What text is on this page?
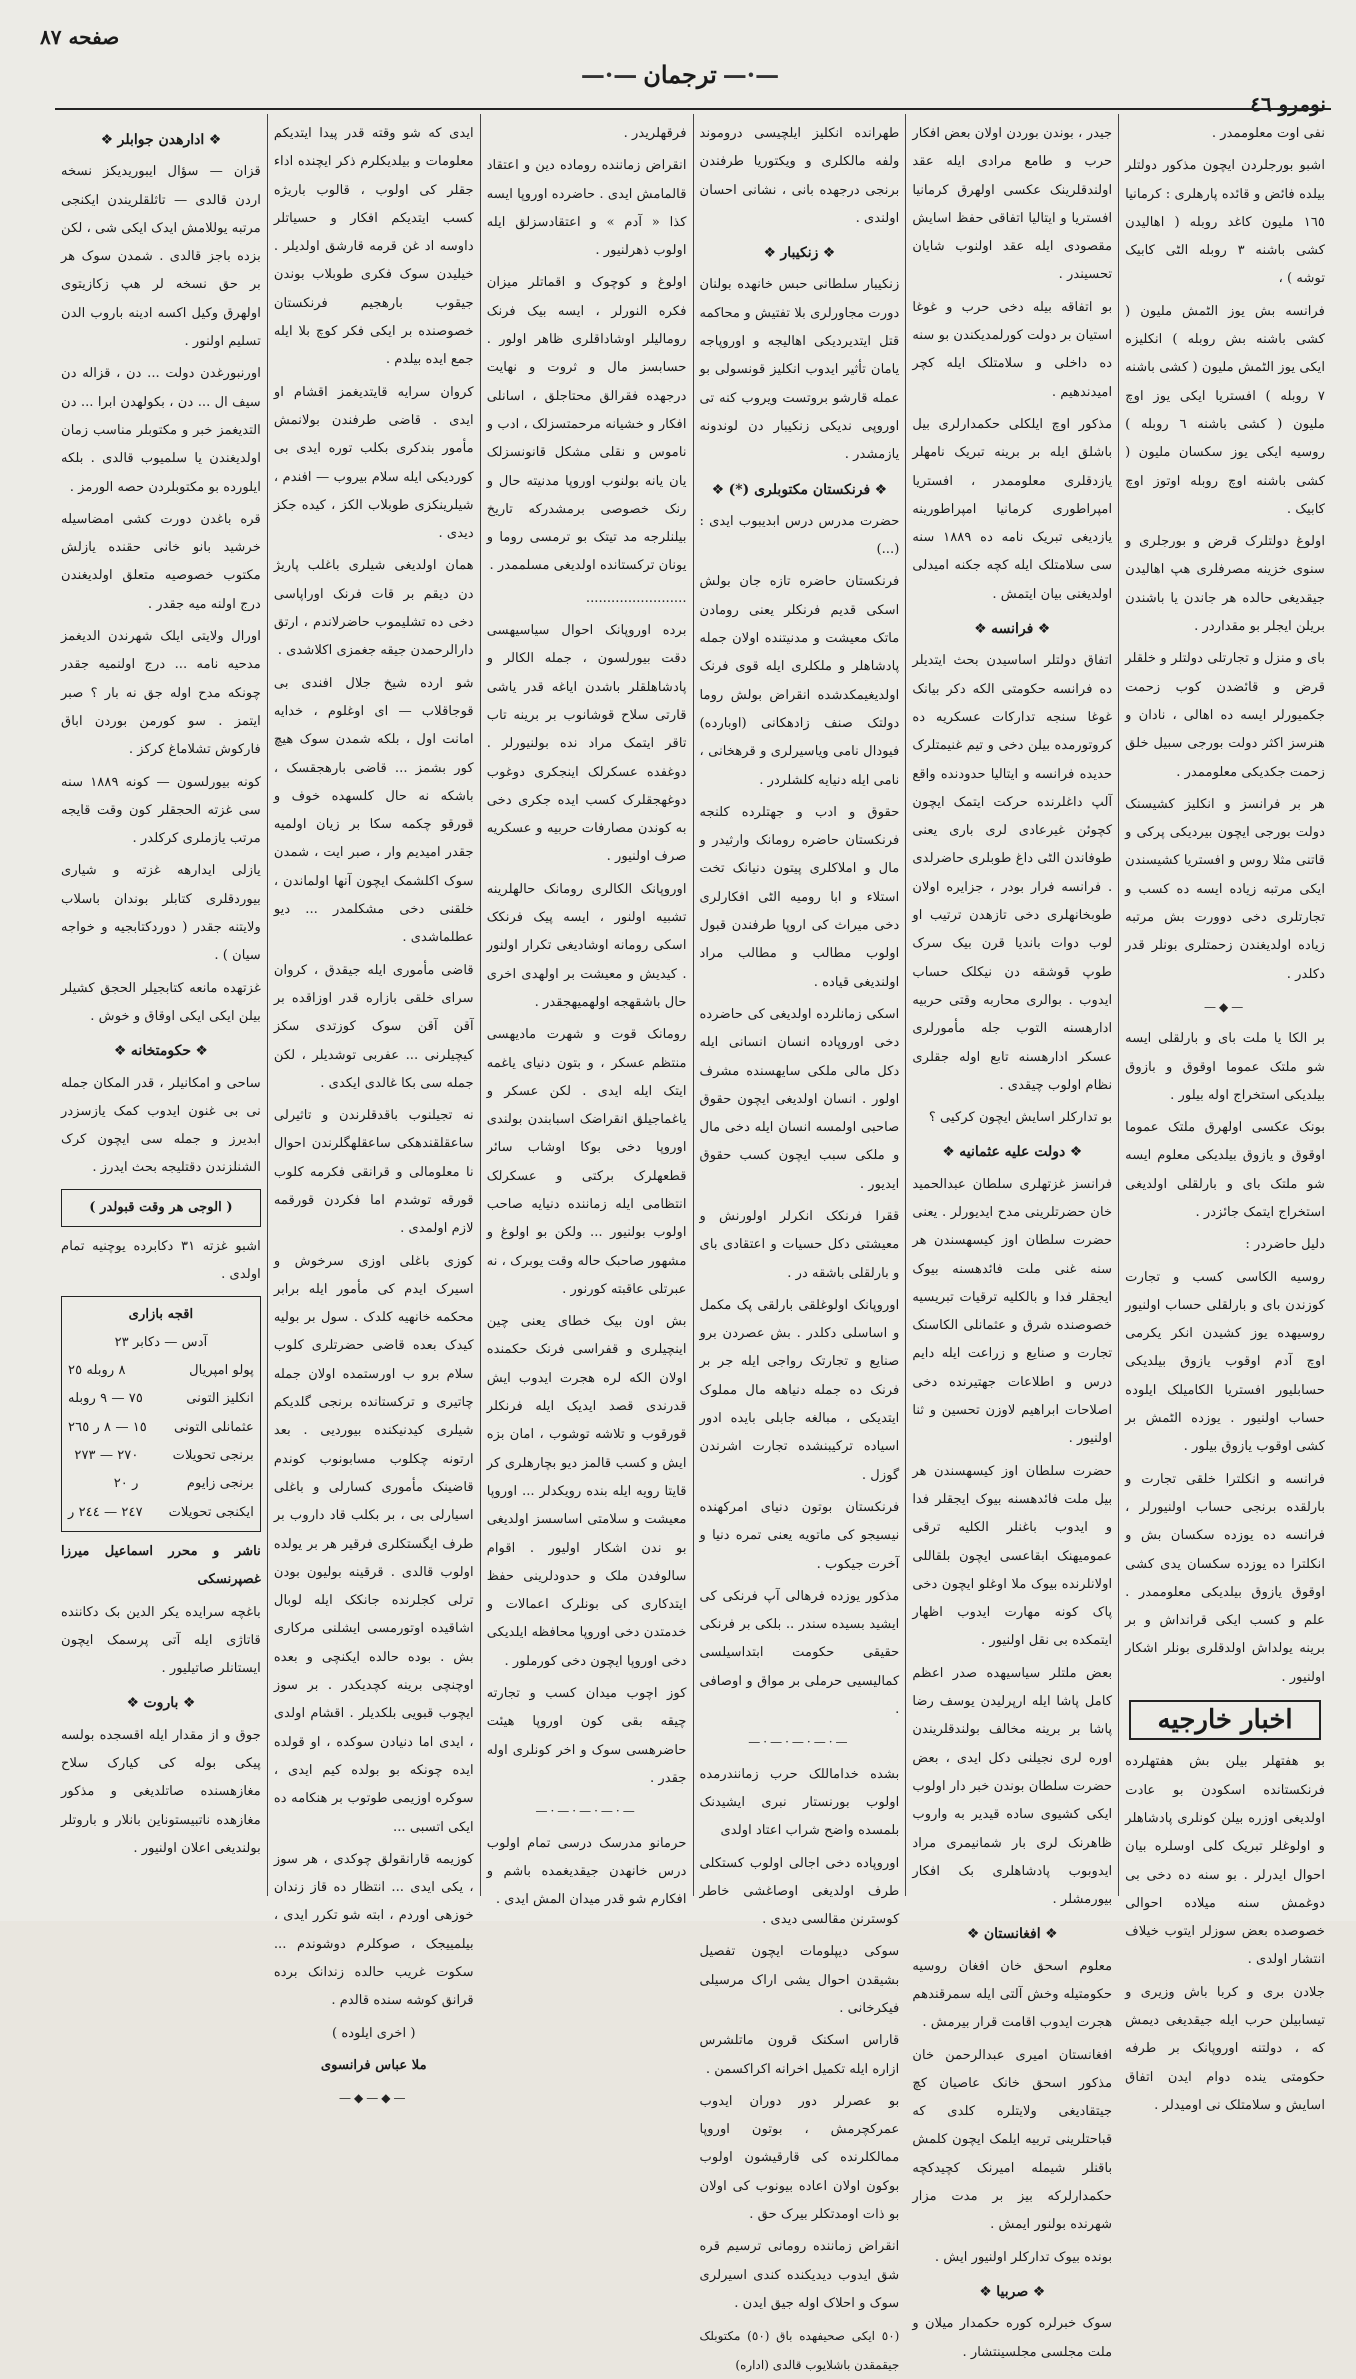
صفحه ٨٧
—·— ترجمان —·—
نومرو ٤٦

نفی اوت معلوممدر .

اشبو بورجلردن ایچون مذکور دولتلر بیلده فائض و قائده پارهلری : کرمانیا ١٦٥ ملیون کاغد روبله ( اهالیدن کشی باشنه ٣ روبله الٹی کابیک توشه ) ،

فرانسه بش یوز الٹمش ملیون ( کشی باشنه بش روبله ) انکلیزه ایکی یوز الٹمش ملیون ( کشی باشنه ٧ روبله ) افستریا ایکی یوز اوچ ملیون ( کشی باشنه ٦ روبله ) روسیه ایکی یوز سکسان ملیون ( کشی باشنه اوچ روبله اوتوز اوچ کابیک .

اولوغ دولتلرک قرض و بورجلری و سنوی خزینه مصرفلری هپ اهالیدن جیقدیغی حالده هر جاندن یا باشندن بریلن ایجلر بو مقداردر .

بای و منزل و تجارتلی دولتلر و خلقلر قرض و قائضدن کوب زحمت جکمیورلر ایسه ده اهالی ، نادان و هنرسز اکثر دولت بورجی سبیل خلق زحمت جکدیکی معلوممدر .

هر بر فرانسز و انکلیز کشیسنک دولت بورجی ایچون بیردیکی پرکی و قاتنی مثلا روس و افستریا کشیسندن ایکی مرتبه زیاده ایسه ده کسب و تجارتلری دخی دوورت بش مرتبه زیاده اولدیغندن زحمتلری بونلر قدر دکلدر .

—◆—

بر الکا یا ملت بای و بارلقلی ایسه شو ملتک عموما اوقوق و بازوق بیلدیکی استخراج اوله بیلور .

بونک عکسی اولهرق ملتک عموما اوقوق و یازوق بیلدیکی معلوم ایسه شو ملتک بای و بارلقلی اولدیغی استخراج ایتمک جائزدر .

دلیل حاضردر :

روسیه الکاسی کسب و تجارت کوزندن بای و بارلقلی حساب اولنیور روسیهده یوز کشیدن انکر یکرمی اوچ آدم اوقوب یازوق بیلدیکی حسابلیور افستریا الکامیلک ایلوده حساب اولنیور . یوزده الٹمش بر کشی اوقوب یازوق بیلور .

فرانسه و انکلترا خلقی تجارت و بارلقده برنجی حساب اولنیورلر ، فرانسه ده یوزده سکسان بش و انکلترا ده یوزده سکسان یدی کشی اوقوق یازوق بیلدیکی معلوممدر . علم و کسب ایکی قرانداش و بر برینه یولداش اولدقلری بونلر اشکار اولنیور .

اخبار خارجیه

بو هفتهلر بیلن بش هفتهلرده فرنکستانده اسکودن بو عادت اولدیغی اوزره بیلن کونلری پادشاهلر و اولوغلر تبریک کلی اوسلره بیان احوال ایدرلر . بو سنه ده دخی بی دوغمش سنه میلاده احوالی خصوصده بعض سوزلر ایتوب خیلاف انتشار اولدی .

جلادن بری و کربا باش وزیری و تیسابیلن حرب ایله جیقدیغی دیمش که ، دولتنه اوروپانک بر طرفه حکومتی ینده دوام ایدن اتفاق اسایش و سلامتلک نی اومیدلر .

جیدر ، بوندن بوردن اولان بعض افکار حرب و طامع مرادی ایله عقد اولندقلرینک عکسی اولهرق کرمانیا افستریا و ایتالیا اتفاقی حفظ اسایش مقصودی ایله عقد اولنوب شایان تحسیندر .

بو اتفاقه بیله دخی حرب و غوغا استیان بر دولت کورلمدیکندن بو سنه ده داخلی و سلامتلک ایله کچر امیدندهیم .

مذکور اوچ ایلکلی حکمدارلری بیل باشلق ایله بر برینه تبریک نامهلر یازدقلری معلوممدر ، افستریا امپراطوری کرمانیا امپراطورینه یازدیغی تبریک نامه ده ١٨٨٩ سنه سی سلامتلک ایله کچه جکنه امیدلی اولدیغنی بیان ایتمش .

❖ فرانسه ❖

اتفاق دولتلر اساسیدن بحث ایتدیلر ده فرانسه حکومتی الکه دکر بیانک غوغا سنجه تدارکات عسکریه ده کروتورمده بیلن دخی و تیم غنیمتلرک حدیده فرانسه و ایتالیا حدودنده واقع آلپ داغلرنده حرکت ایتمک ایچون کچوئن غیرعادی لری باری یعنی طوفاندن الٹی داغ طوبلری حاضرلدی . فرانسه فرار بودر ، جزایره اولان طوبخانهلری دخی تازهدن ترتیب او لوب دوات باندیا قرن بیک سرک طوپ قوشقه دن نیکلک حساب ایدوب . بوالری محاربه وقتی حربیه ادارهسنه التوب جله مأمورلری عسکر ادارهسنه تابع اوله جقلری نظام اولوب چیقدی .

بو تدارکلر اسایش ایچون کرکیی ؟

❖ دولت علیه عثمانیه ❖

فرانسز غزتهلری سلطان عبدالحمید خان حضرتلرینی مدح ایدیورلر . یعنی حضرت سلطان اوز کیسهسندن هر سنه غنی ملت فائدهسنه بیوک ایجقلر فدا و بالکلیه ترقیات تبریسیه خصوصنده شرق و عثمانلی الکاسنک تجارت و صنایع و زراعت ایله دایم درس و اطلاعات جهتیرنده دخی اصلاحات ابراهیم لاوزن تحسین و ثنا اولنیور .

حضرت سلطان اوز کیسهسندن هر بیل ملت فائدهسنه بیوک ایجقلر فدا و ایدوب باغنلر الکلیه ترقی عمومیهنک ابقاعسی ایچون بلقاللی اولانلرنده بیوک ملا اوغلو ایچون دخی پاک کونه مهارت ایدوب اظهار ایتمکده بی نقل اولنیور .

بعض ملتلر سیاسیهده صدر اعظم کامل پاشا ایله ارپرلیدن یوسف رضا پاشا بر برینه مخالف بولندقلریندن اوره لری نجیلنی دکل ایدی ، بعض حضرت سلطان بوندن خبر دار اولوب ایکی کشیوی ساده قیدیر به واروب ظاهرنک لری بار شمانیمری مراد ایدوبوب پادشاهلری بک افکار بیورمشلر .

❖ افغانستان ❖

معلوم اسحق خان افغان روسیه حکومتیله وخش آلتی ایله سمرقندهم هجرت ایدوب اقامت قرار بیرمش .

افغانستان امیری عبدالرحمن خان مذکور اسحق خانک عاصیان کچ جیتقادیغی ولایتلره کلدی که قباحتلرینی تربیه ایلمک ایچون کلمش باقنلر شیمله امیرنک کچیدکچه حکمدارلرکه بیز بر مدت مزار شهرنده بولنور ایمش .

بونده بیوک تدارکلر اولنیور ایش .

❖ صربیا ❖

سوک خبرلره کوره حکمدار میلان و ملت مجلسی مجلسینتشار .

طهرانده انکلیز ایلچیسی دروموند ولفه مالکلری و ویکتوریا طرفندن برنجی درجهده بانی ، نشانی احسان اولندی .

❖ زنکیبار ❖

زنکیبار سلطانی حبس خانهده بولنان دورت مجاورلری بلا تفتیش و محاکمه قتل ایتدیردیکی اهالیجه و اوروپاجه یامان تأثیر ایدوب انکلیز قونسولی بو عمله قارشو بروتست ویروب کنه تی اوروپی ندیکی زنکیبار دن لوندونه یازمشدر .

❖ فرنکستان مکتوبلری (*) ❖

حضرت مدرس درس ابدیبوب ایدی : (...)

فرنکستان حاضره تازه جان بولش اسکی قدیم فرنکلر یعنی رومادن ماتک معیشت و مدنیتنده اولان جمله پادشاهلر و ملکلری ایله قوی فرنک اولدیغیمکدشده انقراض بولش روما دولتک صنف زادهکانی (اوبارده) فیودال نامی ویاسیرلری و قرهخانی ، نامی ایله دنیایه کلشلردر .

حقوق و ادب و جهتلرده کلنجه فرنکستان حاضره رومانک وارثیدر و مال و املاکلری پیتون دنیانک تخت استلاء و ابا رومیه الٹی افکارلری دخی میراث کی اروپا طرفندن قبول اولوب مطالب و مطالب مراد اولندیغی قیاده .

اسکی زمانلرده اولدیغی کی حاضرده دخی اوروپاده انسان انسانی ایله دکل مالی ملکی سایهسنده مشرف اولور . انسان اولدیغی ایچون حقوق صاحبی اولمسه انسان ایله دخی مال و ملکی سبب ایچون کسب حقوق ایدیور .

ققرا فرنکک انکرلر اولورنش و معیشتی دکل حسیات و اعتقادی بای و بارلقلی باشقه در .

اوروپانک اولوغلقی بارلقی پک مکمل و اساسلی دکلدر . بش عصردن برو صنایع و تجارتک رواجی ایله جر بر فرنک ده جمله دنیاهه مال مملوک ایتدیکی ، مبالغه جابلی بایده ادور اسیاده ترکیبنشده تجارت اشرندن گوزل .

فرنکستان بوتون دنیای امرکهنده نیسیجو کی ماتویه یعنی تمره دنیا و آخرت جیکوب .

مذکور یوزده فرهالی آپ فرنکی کی ایشید بسیده سندر .. بلکی بر فرنکی حقیقی حکومت ابتداسیلسی کمالیسیی حرملی بر مواق و اوصافی .

—·—·—·—·—

بشده خداماللک حرب زمانندرمده اولوب بورنستار نبری ایشیدنک بلمسده واضح شراب اعتاد اولدی

اوروپاده دخی اجالی اولوب کستکلی طرف اولدیغی اوصاغشی خاطر کوسترنن مقالسی دیدی .

سوکی دیپلومات ایچون تفصیل بشیقدن احوال یشی اراک مرسیلی فیکرخانی .

قاراس اسکنک قرون ماتلشرس ازاره ایله تکمیل اخرانه اکراکسمن .

بو عصرلر دور دوران ایدوب عمرکچرمش ، بوتون اوروپا ممالکلرنده کی قارقیشون اولوب بوکون اولان اعاده بیونوب کی اولان بو ذات اومدتکلر بیرک حق .

انقراض زماننده رومانی ترسیم قره شق ایدوب دیدیکنده کندی اسیرلری سوک و احلاک اوله جیق ایدن .

(٥٠ ایکی صحیفهده باق (٥٠) مکتوبلک جیقمقدن باشلایوب قالدی (اداره)

فرقهلریدر .

انقراض زماننده روماده دین و اعتقاد قالمامش ایدی . حاضرده اوروپا ایسه کذا « آدم » و اعتقادسزلق ایله اولوب ذهرلنیور .

اولوغ و کوچوک و اقماتلر میزان فکره النورلر ، ایسه بیک فرنک رومالیلر اوشاداقلری ظاهر اولور . حسابسز مال و ثروت و نهایت درجهده فقرالق محتاجلق ، اسانلی افکار و خشیانه مرحمتسزلک ، ادب و ناموس و نقلی مشکل قانونسزلک یان یانه بولنوب اوروپا مدنیته حال و رنک خصوصی برمشدرکه تاریخ بیلنلرجه مد تیتک بو ترمسی روما و یونان ترکستانده اولدیغی مسلممدر .

........................

برده اوروپانک احوال سیاسیهسی دقت بیورلسون ، جمله الکالر و پادشاهلقلر باشدن ایاغه قدر یاشی قارتی سلاح قوشانوب بر برینه تاب تاقر ایتمک مراد نده بولنیورلر . دوغفده عسکرلک اینجکری دوغوب دوغهجقلرک کسب ایده جکری دخی به کوندن مصارفات حربیه و عسکریه صرف اولنیور .

اوروپانک الکالری رومانک حالهلرینه تشبیه اولنور ، ایسه پیک فرنکک اسکی رومانه اوشادیغی تکرار اولنور . کیدیش و معیشت بر اولهدی اخری حال باشقهجه اولهمیهجقدر .

رومانک قوت و شهرت مادیهسی منتظم عسکر ، و بتون دنیای یاغمه ایتک ایله ایدی . لکن عسکر و یاغماجیلق انقراضک اسبابندن بولندی اوروپا دخی بوکا اوشاب سائر قطعهلرک برکتی و عسکرلک انتظامی ایله زماننده دنیایه صاحب اولوب بولنیور ... ولکن بو اولوغ و مشهور صاحبک حاله وقت یوبرک ، نه عبرتلی عاقبته کورنور .

بش اون بیک خطای یعنی چین اینچیلری و قفراسی فرنک حکمنده اولان الکه لره هجرت ایدوب ایش قدرندی قصد ایدیک ایله فرنکلر قورقوب و تلاشه توشوب ، امان بزه ایش و کسب قالمز دیو بچارهلری کر قایتا رویه ایله بنده رویکدلر ... اوروپا معیشت و سلامتی اساسسز اولدیغی بو ندن اشکار اولیور . اقوام سالوفدن ملک و حدودلرینی حفظ ایتدکاری کی بونلرک اعمالات و خدمتدن دخی اوروپا محافظه ایلدیکی دخی اوروپا ایچون دخی کورملور .

کوز اچوب میدان کسب و تجارته چیقه بقی کون اوروپا هیئت حاضرهسی سوک و اخر کونلری اوله جقدر .

—·—·—·—·—

حرمانو مدرسک درسی تمام اولوب درس خانهدن جیقدیغمده باشم و افکارم شو قدر میدان المش ایدی .

ایدی که شو وقته قدر پیدا ایتدیکم معلومات و بیلدیکلرم ذکر ایچنده اداء جقلر کی اولوب ، قالوب باریژه کسب ایتدیکم افکار و حسیاتلر داوسه اد غن قرمه قارشق اولدیلر . خیلیدن سوک فکری طوبلاب بوندن جیقوب بارهجیم فرنکستان خصوصنده بر ایکی فکر کوچ بلا ایله جمع ایده بیلدم .

کروان سرایه قایتدیغمز اقشام او ایدی . قاضی طرفندن بولانمش مأمور بندکری بکلب توره ایدی بی کوردیکی ایله سلام بیروب — افندم ، شیلرینکزی طوبلاب الکز ، کیده جکز دیدی .

همان اولدیغی شیلری باغلب پاریژ دن دیقم بر قات فرنک اوراپاسی دخی ده تشلیموب حاضرلاندم ، ارتق دارالرحمدن جیقه جغمزی اکلاشدی .

شو ارده شیخ جلال افندی بی قوجاقلاب — ای اوغلوم ، خدایه امانت اول ، بلکه شمدن سوک هیچ کور بشمز ... قاضی بارهجقسک ، باشکه نه حال کلسهده خوف و قورقو چکمه سکا بر زیان اولمیه جقدر امیدیم وار ، صبر ایت ، شمدن سوک اکلشمک ایچون آنها اولماندن ، خلقنی دخی مشکلمدر ... دیو عطلماشدی .

قاضی مأموری ایله جیقدق ، کروان سرای خلقی بازاره قدر اوزاقده بر آقن آقن سوک کوزتدی سکز کیچیلرنی ... عفربی توشدیلر ، لکن جمله سی بکا غالدی ایکدی .

نه تجیلنوب باقدقلرندن و تاثیرلی ساعقلقندهکی ساعقلهگلرندن احوال نا معلومالی و قرانقی فکرمه کلوب قورقه توشدم اما فکردن قورقمه لازم اولمدی .

کوزی باغلی اوزی سرخوش و اسیرک ایدم کی مأمور ایله برابر محکمه خانهیه کلدک . سول بر بولیه کیدک بعده قاضی حضرتلری کلوب سلام برو ب اورستمده اولان جمله چاتیری و ترکستانده برنجی گلدیکم شیلری کیدنیکنده بیوردیی . بعد ارتونه چکلوب مسابونوب کوندم قاضینک مأموری کسارلی و باغلی اسیارلی بی ، بر بکلب قاد داروب بر طرف ایگستکلری فرقیر هر بر یولده اولوب قالدی . قرقینه بولیون بودن ترلی کجلرنده جانکک ایله لوبال اشاقیده اوتورمسی ایشلنی مرکاری بش . بوده حالده ایکنچی و بعده اوچنچی برینه کچدیکدر . بر سوز ایچوب قبویی بلکدیلر . اقشام اولدی ، ایدی اما دنیادن سوکده ، او قولده ایده چونکه بو بولده کیم ایدی ، سوکره اوزیمی طوتوب بر هنکامه ده ایکی اتسبی ...

کوزیمه قارانقولق چوکدی ، هر سوز ، یکی ایدی ... انتظار ده قاز زندان خوزهی اوردم ، ابته شو تکرر ایدی ، بیلمییجک ، صوکلرم دوشوندم ... سکوت غریب حالده زندانک برده قرانق کوشه سنده قالدم .

( اخری ایلوده )

ملا عباس فرانسوی

—◆—◆—
❖ ادارهدن جوابلر ❖

قزان — سؤال ایبوریدیکز نسخه اردن قالدی — تاثلقلریندن ایکنجی مرتبه یوللامش ایدک ایکی شی ، لکن بزده باجز قالدی . شمدن سوک هر بر حق نسخه لر هپ زکازیتوی اولهرق وکیل اکسه ادینه باروب الدن تسلیم اولنور .

اورنبورغدن دولت ... دن ، قزاله دن سیف ال ... دن ، بکولهدن ابرا ... دن التدیغمز خبر و مکتوبلر مناسب زمان اولدیغندن یا سلمیوب قالدی . بلکه ایلورده بو مکتوبلردن حصه الورمز .

قره باغدن دورت کشی امضاسیله خرشید بانو خانی حقنده یازلش مکتوب خصوصیه متعلق اولدیغندن درج اولنه میه جقدر .

اورال ولایتی ایلک شهرندن الدیغمز مدحیه نامه ... درج اولنمیه جقدر چونکه مدح اوله جق نه بار ؟ صبر ایتمز . سو کورمن بوردن اباق فارکوش تشلاماغ کرکز .

کونه بیورلسون — کونه ١٨٨٩ سنه سی غزته الحجقلر کون وقت قایجه مرتب یازملری کرکلدر .

یازلی ایدارهه غزته و شیاری بیوردقلری کتابلر بوندان باسلاب ولایتنه جقدر ( دوردکتابجیه و خواجه سیان ) .

غزتهده مانعه کتابجیلر الحجق کشیلر بیلن ایکی ایکی اوقاق و خوش .

❖ حکومتخانه ❖

ساحی و امکانیلر ، قدر المکان جمله نی بی غنون ایدوب کمک یازسزدر ابدیرز و جمله سی ایچون کرک الشنلزندن دقتلیجه بحث ایدرز .

( الوجی هر وقت قبولدر )

اشبو غزته ٣١ دکابرده یوچنیه تمام اولدی .

اقجه بازاری
آدس — دکابر ٢٣
پولو امپریال
٨ روبله ٢٥
انکلیز التونی
٧٥ — ٩ روبله
عثمانلی التونی
١٥ — ٨ ر ٢٦٥
برنجی تحویلات برنجی زایوم
٢٧٠ — ٢٧٣ ر ٢٠
ایکنجی تحویلات
٢٤٧ — ٢٤٤ ر

ناشر و محرر اسماعیل میرزا غصپرنسکی

باغچه سرایده یکر الدین بک دکاننده قاتاژی ایله آتی پرسمک ایچون ایستانلر صاتیلیور .

❖ باروت ❖

جوق و از مقدار ایله اقسجده بولسه پیکی بوله کی کیارک سلاح مغازهسنده صاتلدیغی و مذکور مغازهده ناتبیستوناین بانلار و باروتلر بولندیغی اعلان اولنیور .
